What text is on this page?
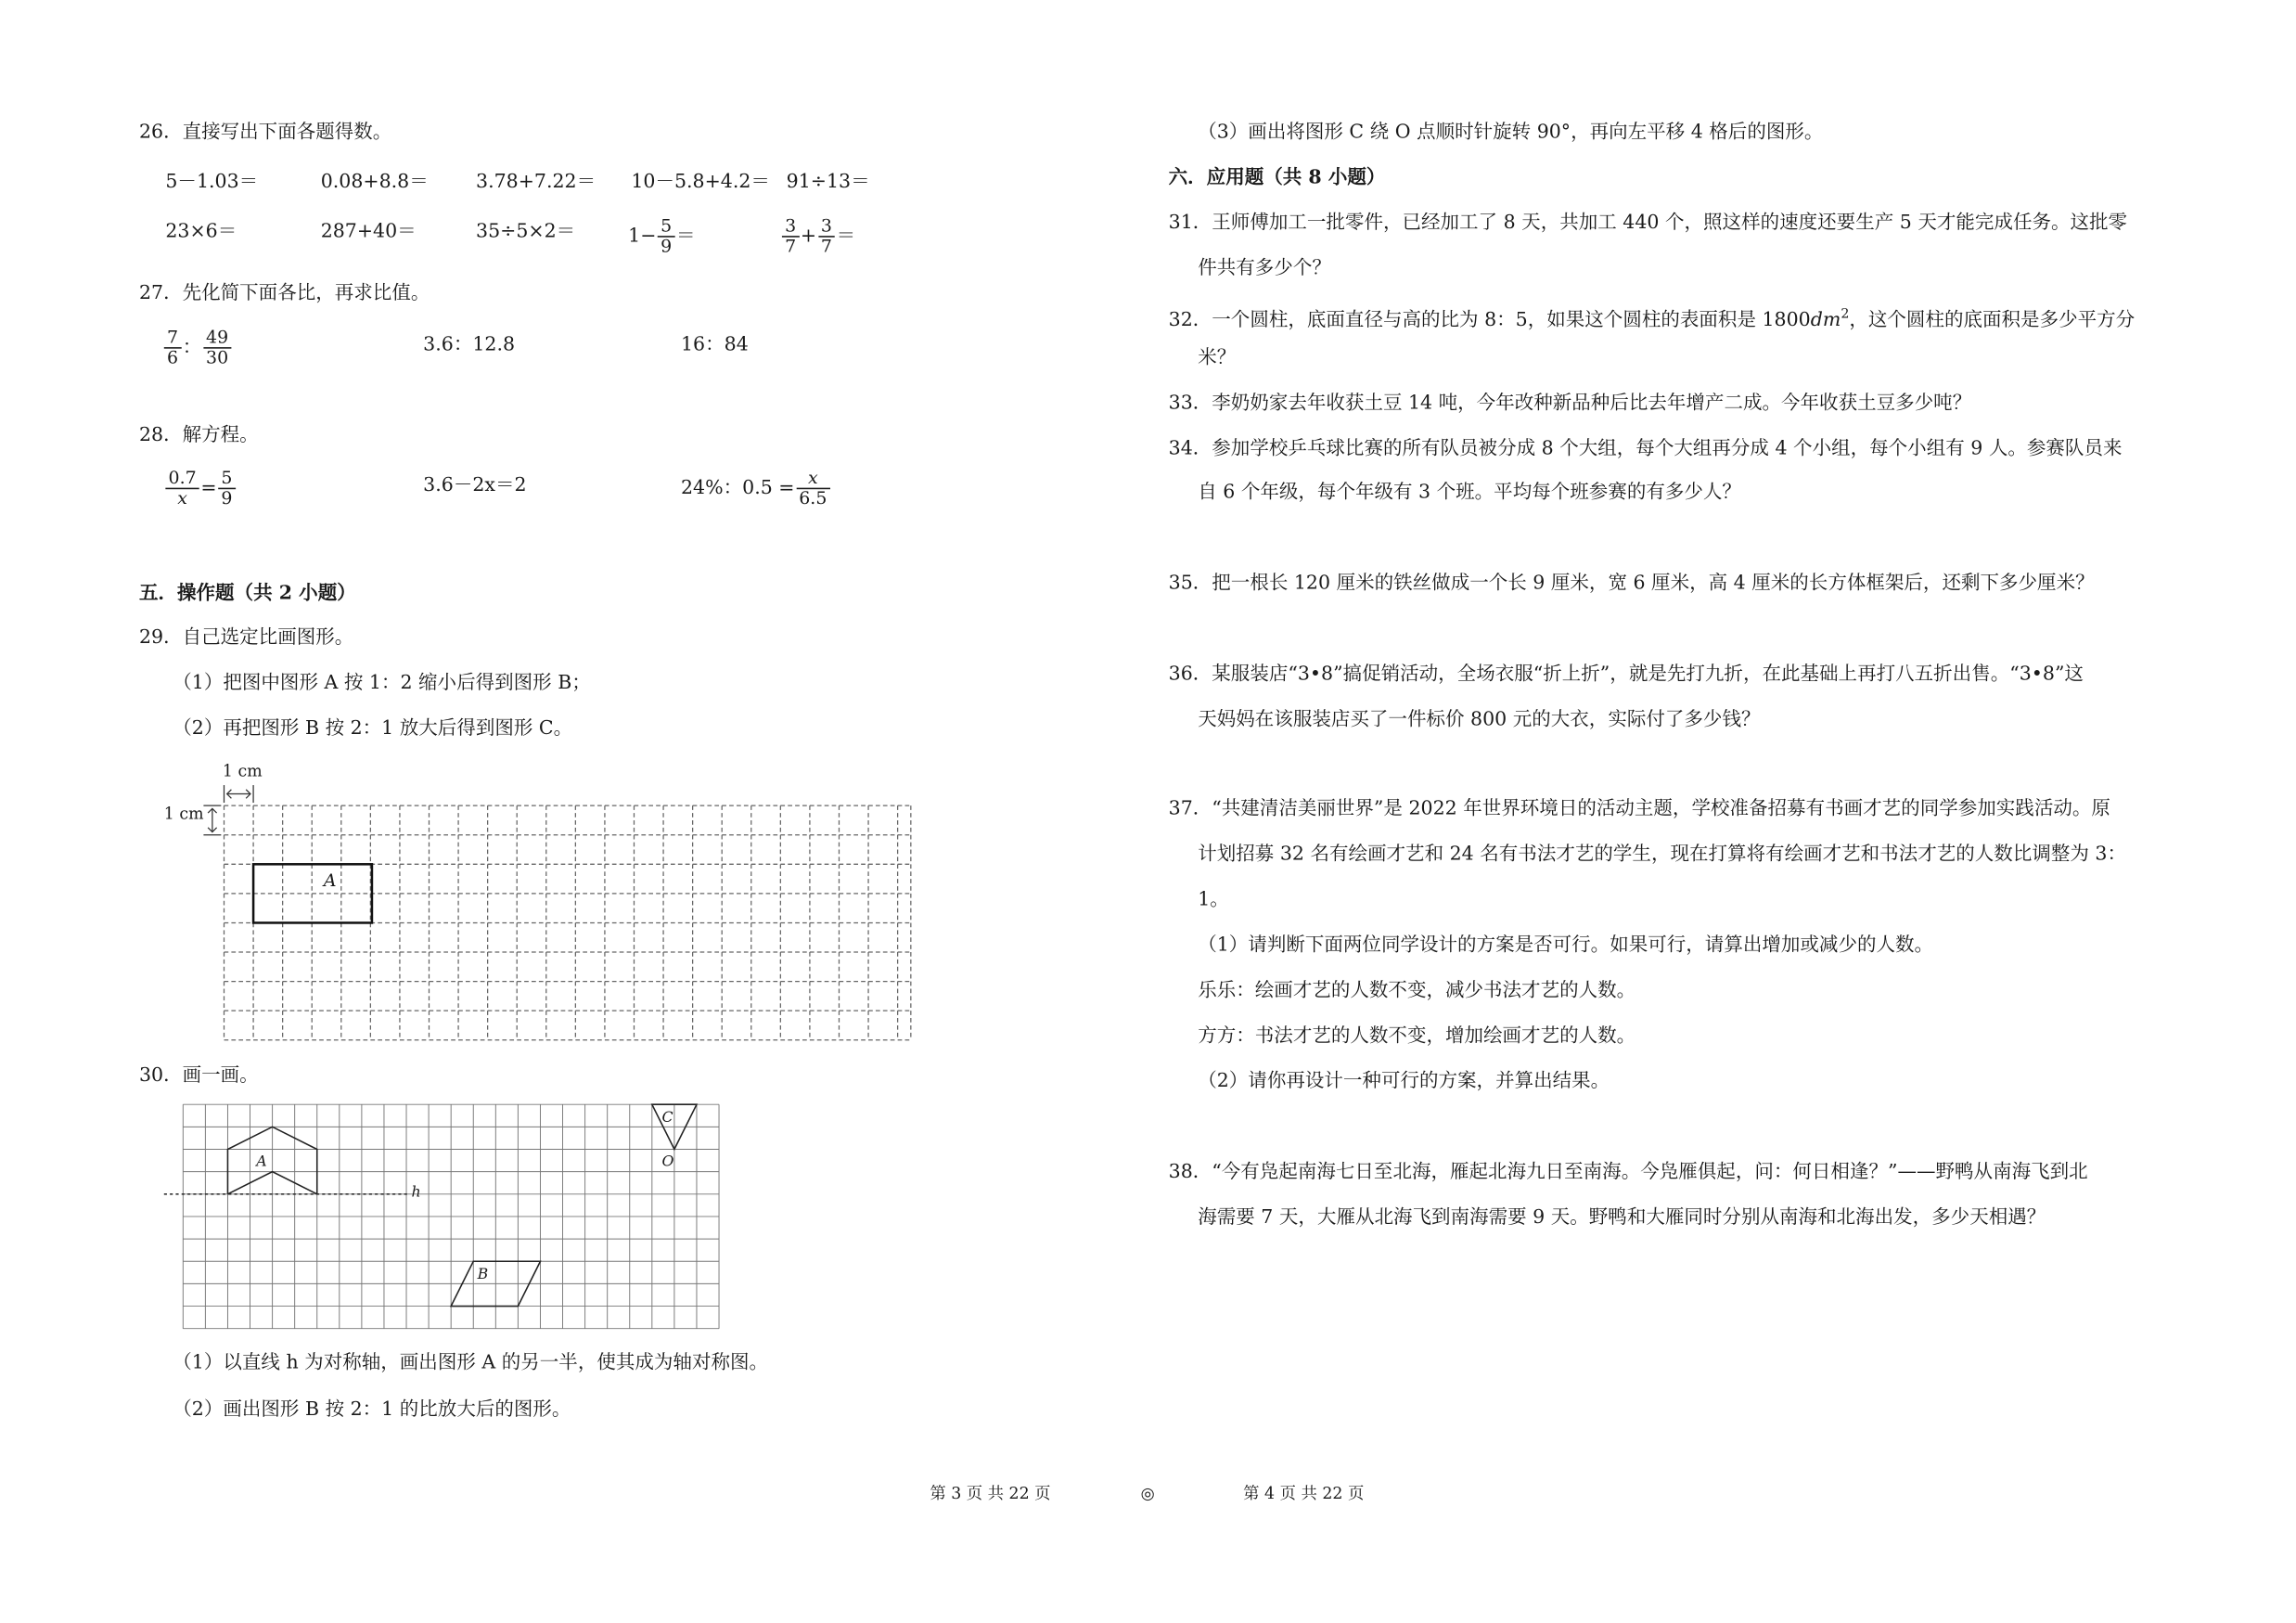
26．直接写出下面各题得数。
5－1.03＝	0.08+8.8＝	3.78+7.22＝	10－5.8+4.2＝ 91÷13＝
23×6＝	287+40＝	35÷5×2＝	$1- \frac{5}{9}$ ＝	$\frac{3}{7} + \frac{3}{7}$ ＝
27．先化简下面各比，再求比值。
$\frac{7}{6}$ ： $\frac{49}{30}$	3.6：12.8	16：84
28．解方程。
$\frac{0.7}{x} = \frac{5}{9}$	3.6－2x＝2	24%：$0.5 = \frac{x}{6.5}$
五．操作题（共 2 小题）
29．自己选定比画图形。
（1）把图中图形 A 按 1：2 缩小后得到图形 B；
（2）再把图形 B 按 2：1 放大后得到图形 C。
1 cm
1 cm
A
30．画一画。
A
B
C
O
h
（1）以直线 h 为对称轴，画出图形 A 的另一半，使其成为轴对称图。
（2）画出图形 B 按 2：1 的比放大后的图形。
（3）画出将图形 C 绕 O 点顺时针旋转 90°，再向左平移 4 格后的图形。
六．应用题（共 8 小题）
31．王师傅加工一批零件，已经加工了 8 天，共加工 440 个，照这样的速度还要生产 5 天才能完成任务。这批零
件共有多少个？
32．一个圆柱，底面直径与高的比为 8：5，如果这个圆柱的表面积是 $1800dm^2$，这个圆柱的底面积是多少平方分
米？
33．李奶奶家去年收获土豆 14 吨，今年改种新品种后比去年增产二成。今年收获土豆多少吨？
34．参加学校乒乓球比赛的所有队员被分成 8 个大组，每个大组再分成 4 个小组，每个小组有 9 人。参赛队员来
自 6 个年级，每个年级有 3 个班。平均每个班参赛的有多少人？
35．把一根长 120 厘米的铁丝做成一个长 9 厘米，宽 6 厘米，高 4 厘米的长方体框架后，还剩下多少厘米？
36．某服装店“3•8”搞促销活动，全场衣服“折上折”，就是先打九折，在此基础上再打八五折出售。“3•8”这
天妈妈在该服装店买了一件标价 800 元的大衣，实际付了多少钱？
37．“共建清洁美丽世界”是 2022 年世界环境日的活动主题，学校准备招募有书画才艺的同学参加实践活动。原
计划招募 32 名有绘画才艺和 24 名有书法才艺的学生，现在打算将有绘画才艺和书法才艺的人数比调整为 3：
1。
（1）请判断下面两位同学设计的方案是否可行。如果可行，请算出增加或减少的人数。
乐乐：绘画才艺的人数不变，减少书法才艺的人数。
方方：书法才艺的人数不变，增加绘画才艺的人数。
（2）请你再设计一种可行的方案，并算出结果。
38．“今有凫起南海七日至北海，雁起北海九日至南海。今凫雁俱起，问：何日相逢？”——野鸭从南海飞到北
海需要 7 天，大雁从北海飞到南海需要 9 天。野鸭和大雁同时分别从南海和北海出发，多少天相遇？
第 3 页 共 22 页	◎	第 4 页 共 22 页
